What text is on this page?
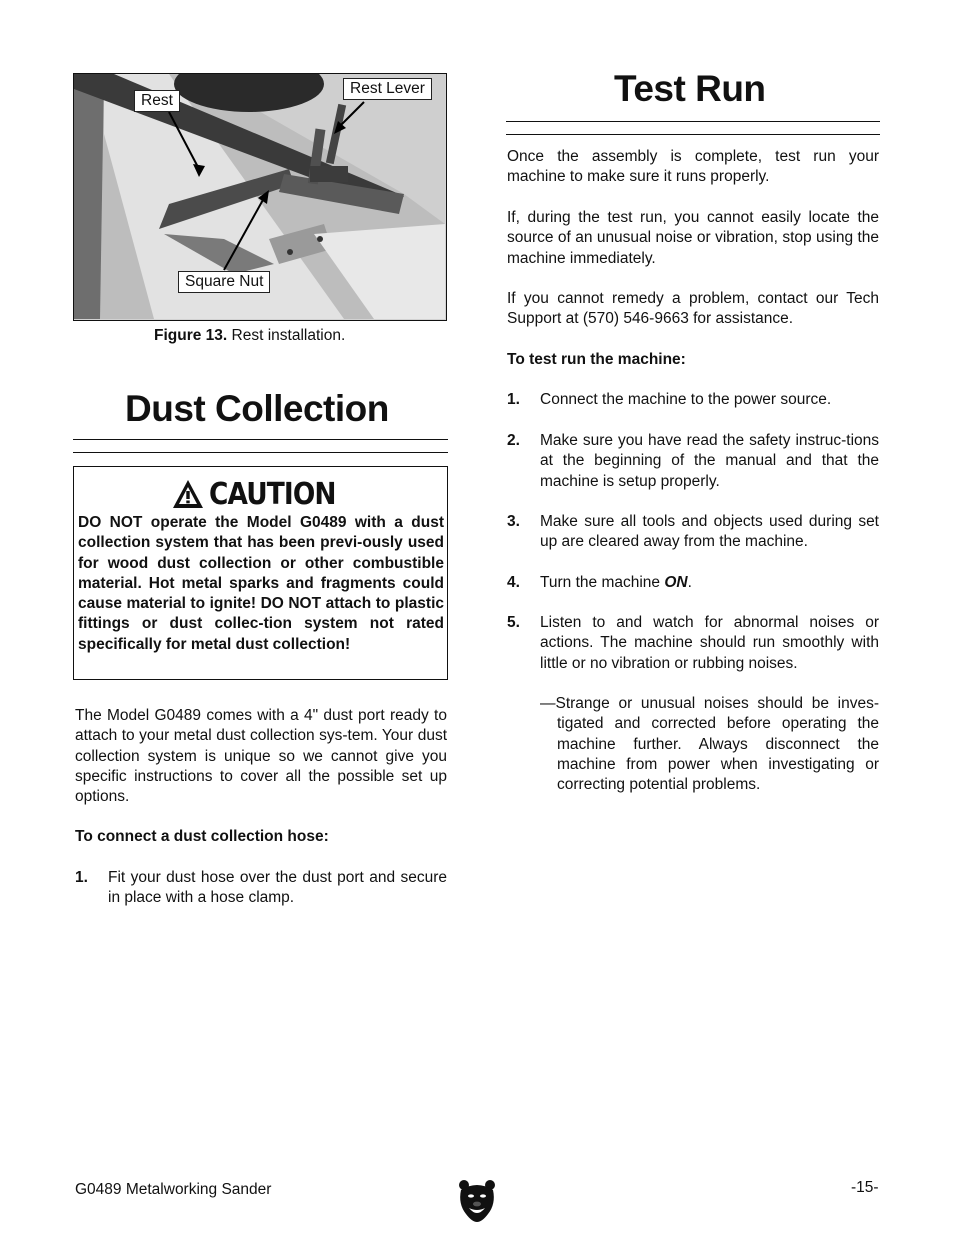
Rest
Rest Lever
Square Nut
Figure 13. Rest installation.
Dust Collection
CAUTION
DO NOT operate the Model G0489 with a dust collection system that has been previ-ously used for wood dust collection or other combustible material. Hot metal sparks and fragments could cause material to ignite! DO NOT attach to plastic fittings or dust collec-tion system not rated specifically for metal dust collection!
The Model G0489 comes with a 4" dust port ready to attach to your metal dust collection sys-tem. Your dust collection system is unique so we cannot give you specific instructions to cover all the possible set up options.
To connect a dust collection hose:
1. Fit your dust hose over the dust port and secure in place with a hose clamp.
Test Run
Once the assembly is complete, test run your machine to make sure it runs properly.
If, during the test run, you cannot easily locate the source of an unusual noise or vibration, stop using the machine immediately.
If you cannot remedy a problem, contact our Tech Support at (570) 546-9663 for assistance.
To test run the machine:
1. Connect the machine to the power source.
2. Make sure you have read the safety instruc-tions at the beginning of the manual and that the machine is setup properly.
3. Make sure all tools and objects used during set up are cleared away from the machine.
4. Turn the machine ON.
5. Listen to and watch for abnormal noises or actions. The machine should run smoothly with little or no vibration or rubbing noises.
—Strange or unusual noises should be inves-tigated and corrected before operating the machine further. Always disconnect the machine from power when investigating or correcting potential problems.
G0489 Metalworking Sander	-15-
